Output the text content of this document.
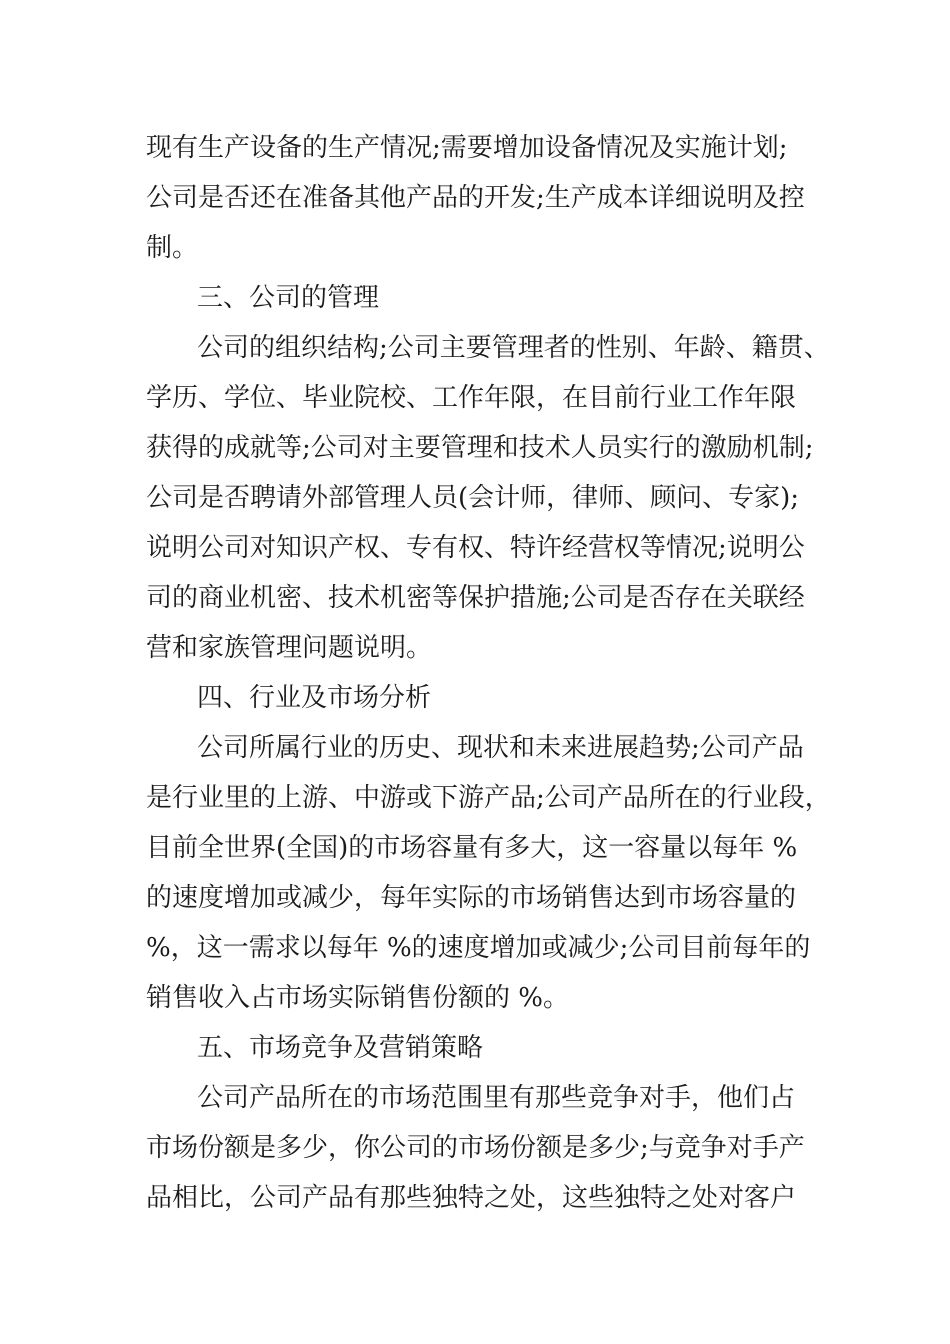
现有生产设备的生产情况;需要增加设备情况及实施计划;
公司是否还在准备其他产品的开发;生产成本详细说明及控
制。
三、公司的管理
公司的组织结构;公司主要管理者的性别、年龄、籍贯、
学历、学位、毕业院校、工作年限，在目前行业工作年限
获得的成就等;公司对主要管理和技术人员实行的激励机制;
公司是否聘请外部管理人员(会计师，律师、顾问、专家);
说明公司对知识产权、专有权、特许经营权等情况;说明公
司的商业机密、技术机密等保护措施;公司是否存在关联经
营和家族管理问题说明。
四、行业及市场分析
公司所属行业的历史、现状和未来进展趋势;公司产品
是行业里的上游、中游或下游产品;公司产品所在的行业段，
目前全世界(全国)的市场容量有多大，这一容量以每年 %
的速度增加或减少，每年实际的市场销售达到市场容量的
%，这一需求以每年 %的速度增加或减少;公司目前每年的
销售收入占市场实际销售份额的 %。
五、市场竞争及营销策略
公司产品所在的市场范围里有那些竞争对手，他们占
市场份额是多少，你公司的市场份额是多少;与竞争对手产
品相比，公司产品有那些独特之处，这些独特之处对客户
